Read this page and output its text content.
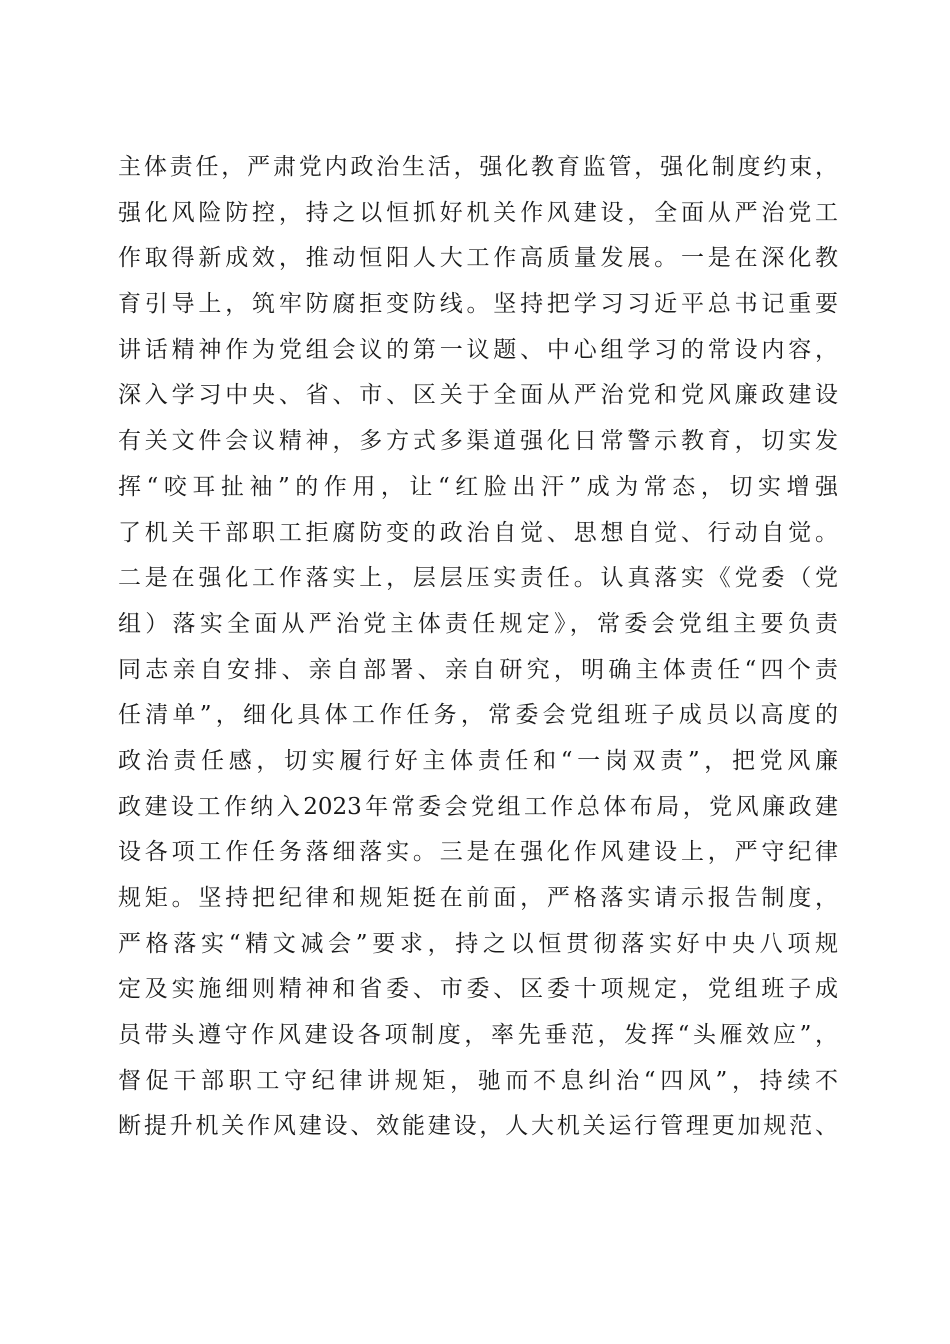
主体责任，严肃党内政治生活，强化教育监管，强化制度约束，
强化风险防控，持之以恒抓好机关作风建设，全面从严治党工
作取得新成效，推动恒阳人大工作高质量发展。一是在深化教
育引导上，筑牢防腐拒变防线。坚持把学习习近平总书记重要
讲话精神作为党组会议的第一议题、中心组学习的常设内容，
深入学习中央、省、市、区关于全面从严治党和党风廉政建设
有关文件会议精神，多方式多渠道强化日常警示教育，切实发
挥“咬耳扯袖”的作用，让“红脸出汗”成为常态，切实增强
了机关干部职工拒腐防变的政治自觉、思想自觉、行动自觉。
二是在强化工作落实上，层层压实责任。认真落实《党委（党
组）落实全面从严治党主体责任规定》，常委会党组主要负责
同志亲自安排、亲自部署、亲自研究，明确主体责任“四个责
任清单”，细化具体工作任务，常委会党组班子成员以高度的
政治责任感，切实履行好主体责任和“一岗双责”，把党风廉
政建设工作纳入2023年常委会党组工作总体布局，党风廉政建
设各项工作任务落细落实。三是在强化作风建设上，严守纪律
规矩。坚持把纪律和规矩挺在前面，严格落实请示报告制度，
严格落实“精文减会”要求，持之以恒贯彻落实好中央八项规
定及实施细则精神和省委、市委、区委十项规定，党组班子成
员带头遵守作风建设各项制度，率先垂范，发挥“头雁效应”，
督促干部职工守纪律讲规矩，驰而不息纠治“四风”，持续不
断提升机关作风建设、效能建设，人大机关运行管理更加规范、
